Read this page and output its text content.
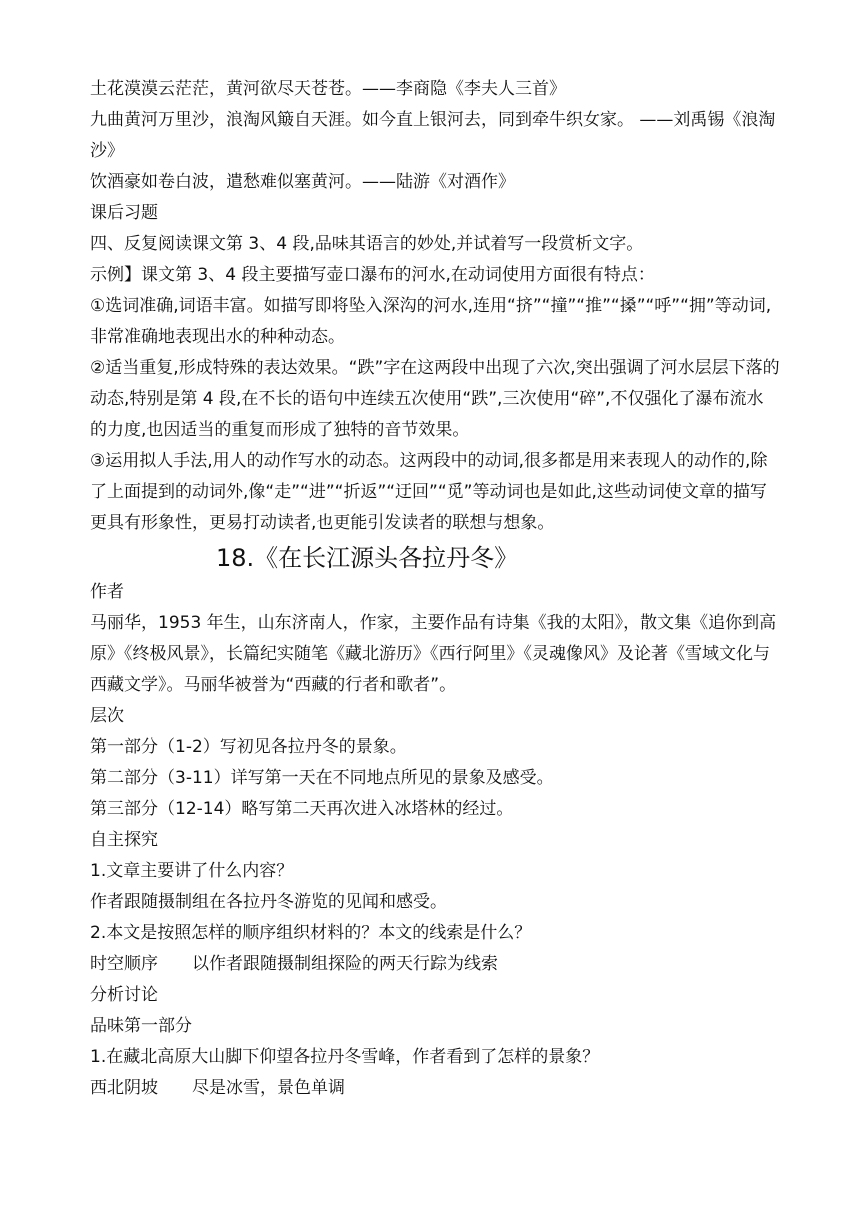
土花漠漠云茫茫，黄河欲尽天苍苍。——李商隐《李夫人三首》

九曲黄河万里沙，浪淘风簸自天涯。如今直上银河去，同到牵牛织女家。 ——刘禹锡《浪淘沙》

饮酒豪如卷白波，遣愁难似塞黄河。——陆游《对酒作》

课后习题

四、反复阅读课文第 3、4 段,品味其语言的妙处,并试着写一段赏析文字。

示例】课文第 3、4 段主要描写壶口瀑布的河水,在动词使用方面很有特点：

①选词准确,词语丰富。如描写即将坠入深沟的河水,连用“挤”“撞”“推”“搡”“呼”“拥”等动词,非常准确地表现出水的种种动态。

②适当重复,形成特殊的表达效果。“跌”字在这两段中出现了六次,突出强调了河水层层下落的动态,特别是第 4 段,在不长的语句中连续五次使用“跌”,三次使用“碎”,不仅强化了瀑布流水的力度,也因适当的重复而形成了独特的音节效果。

③运用拟人手法,用人的动作写水的动态。这两段中的动词,很多都是用来表现人的动作的,除了上面提到的动词外,像“走”“进”“折返”“迂回”“觅”等动词也是如此,这些动词使文章的描写更具有形象性，更易打动读者,也更能引发读者的联想与想象。

18.《在长江源头各拉丹冬》

作者

马丽华，1953 年生，山东济南人，作家，主要作品有诗集《我的太阳》，散文集《追你到高原》《终极风景》，长篇纪实随笔《藏北游历》《西行阿里》《灵魂像风》及论著《雪域文化与西藏文学》。马丽华被誉为“西藏的行者和歌者”。

层次

第一部分（1-2）写初见各拉丹冬的景象。

第二部分（3-11）详写第一天在不同地点所见的景象及感受。

第三部分（12-14）略写第二天再次进入冰塔林的经过。

自主探究

1.文章主要讲了什么内容？

作者跟随摄制组在各拉丹冬游览的见闻和感受。

2.本文是按照怎样的顺序组织材料的？本文的线索是什么？

时空顺序　　以作者跟随摄制组探险的两天行踪为线索

分析讨论

品味第一部分

1.在藏北高原大山脚下仰望各拉丹冬雪峰，作者看到了怎样的景象？

西北阴坡　　尽是冰雪，景色单调
